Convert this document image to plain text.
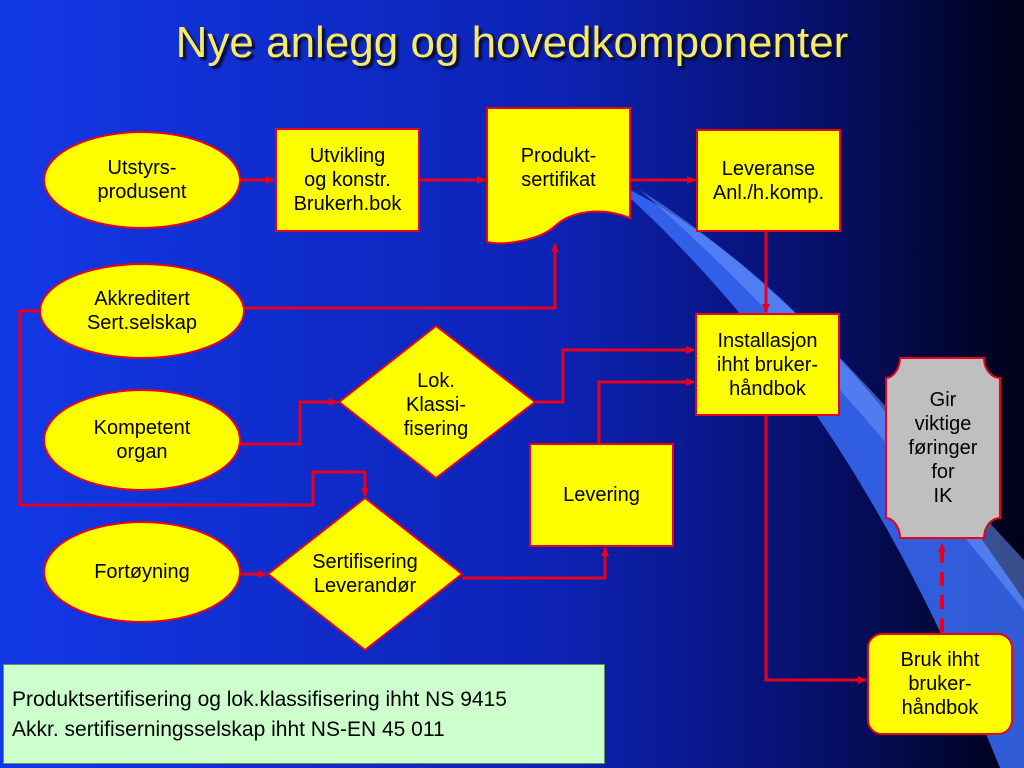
Nye anlegg og hovedkomponenter
Utstyrs-
produsent
Akkreditert
Sert.selskap
Kompetent
organ
Fortøyning
Utvikling
og konstr.
Brukerh.bok
Produkt-
sertifikat
Leveranse
Anl./h.komp.
Lok.
Klassi-
fisering
Installasjon
ihht bruker-
håndbok
Levering
Sertifisering
Leverandør
Gir
viktige
føringer
for
IK
Bruk ihht
bruker-
håndbok
Produktsertifisering og lok.klassifisering ihht NS 9415
Akkr. sertifiserningsselskap ihht NS-EN 45 011
